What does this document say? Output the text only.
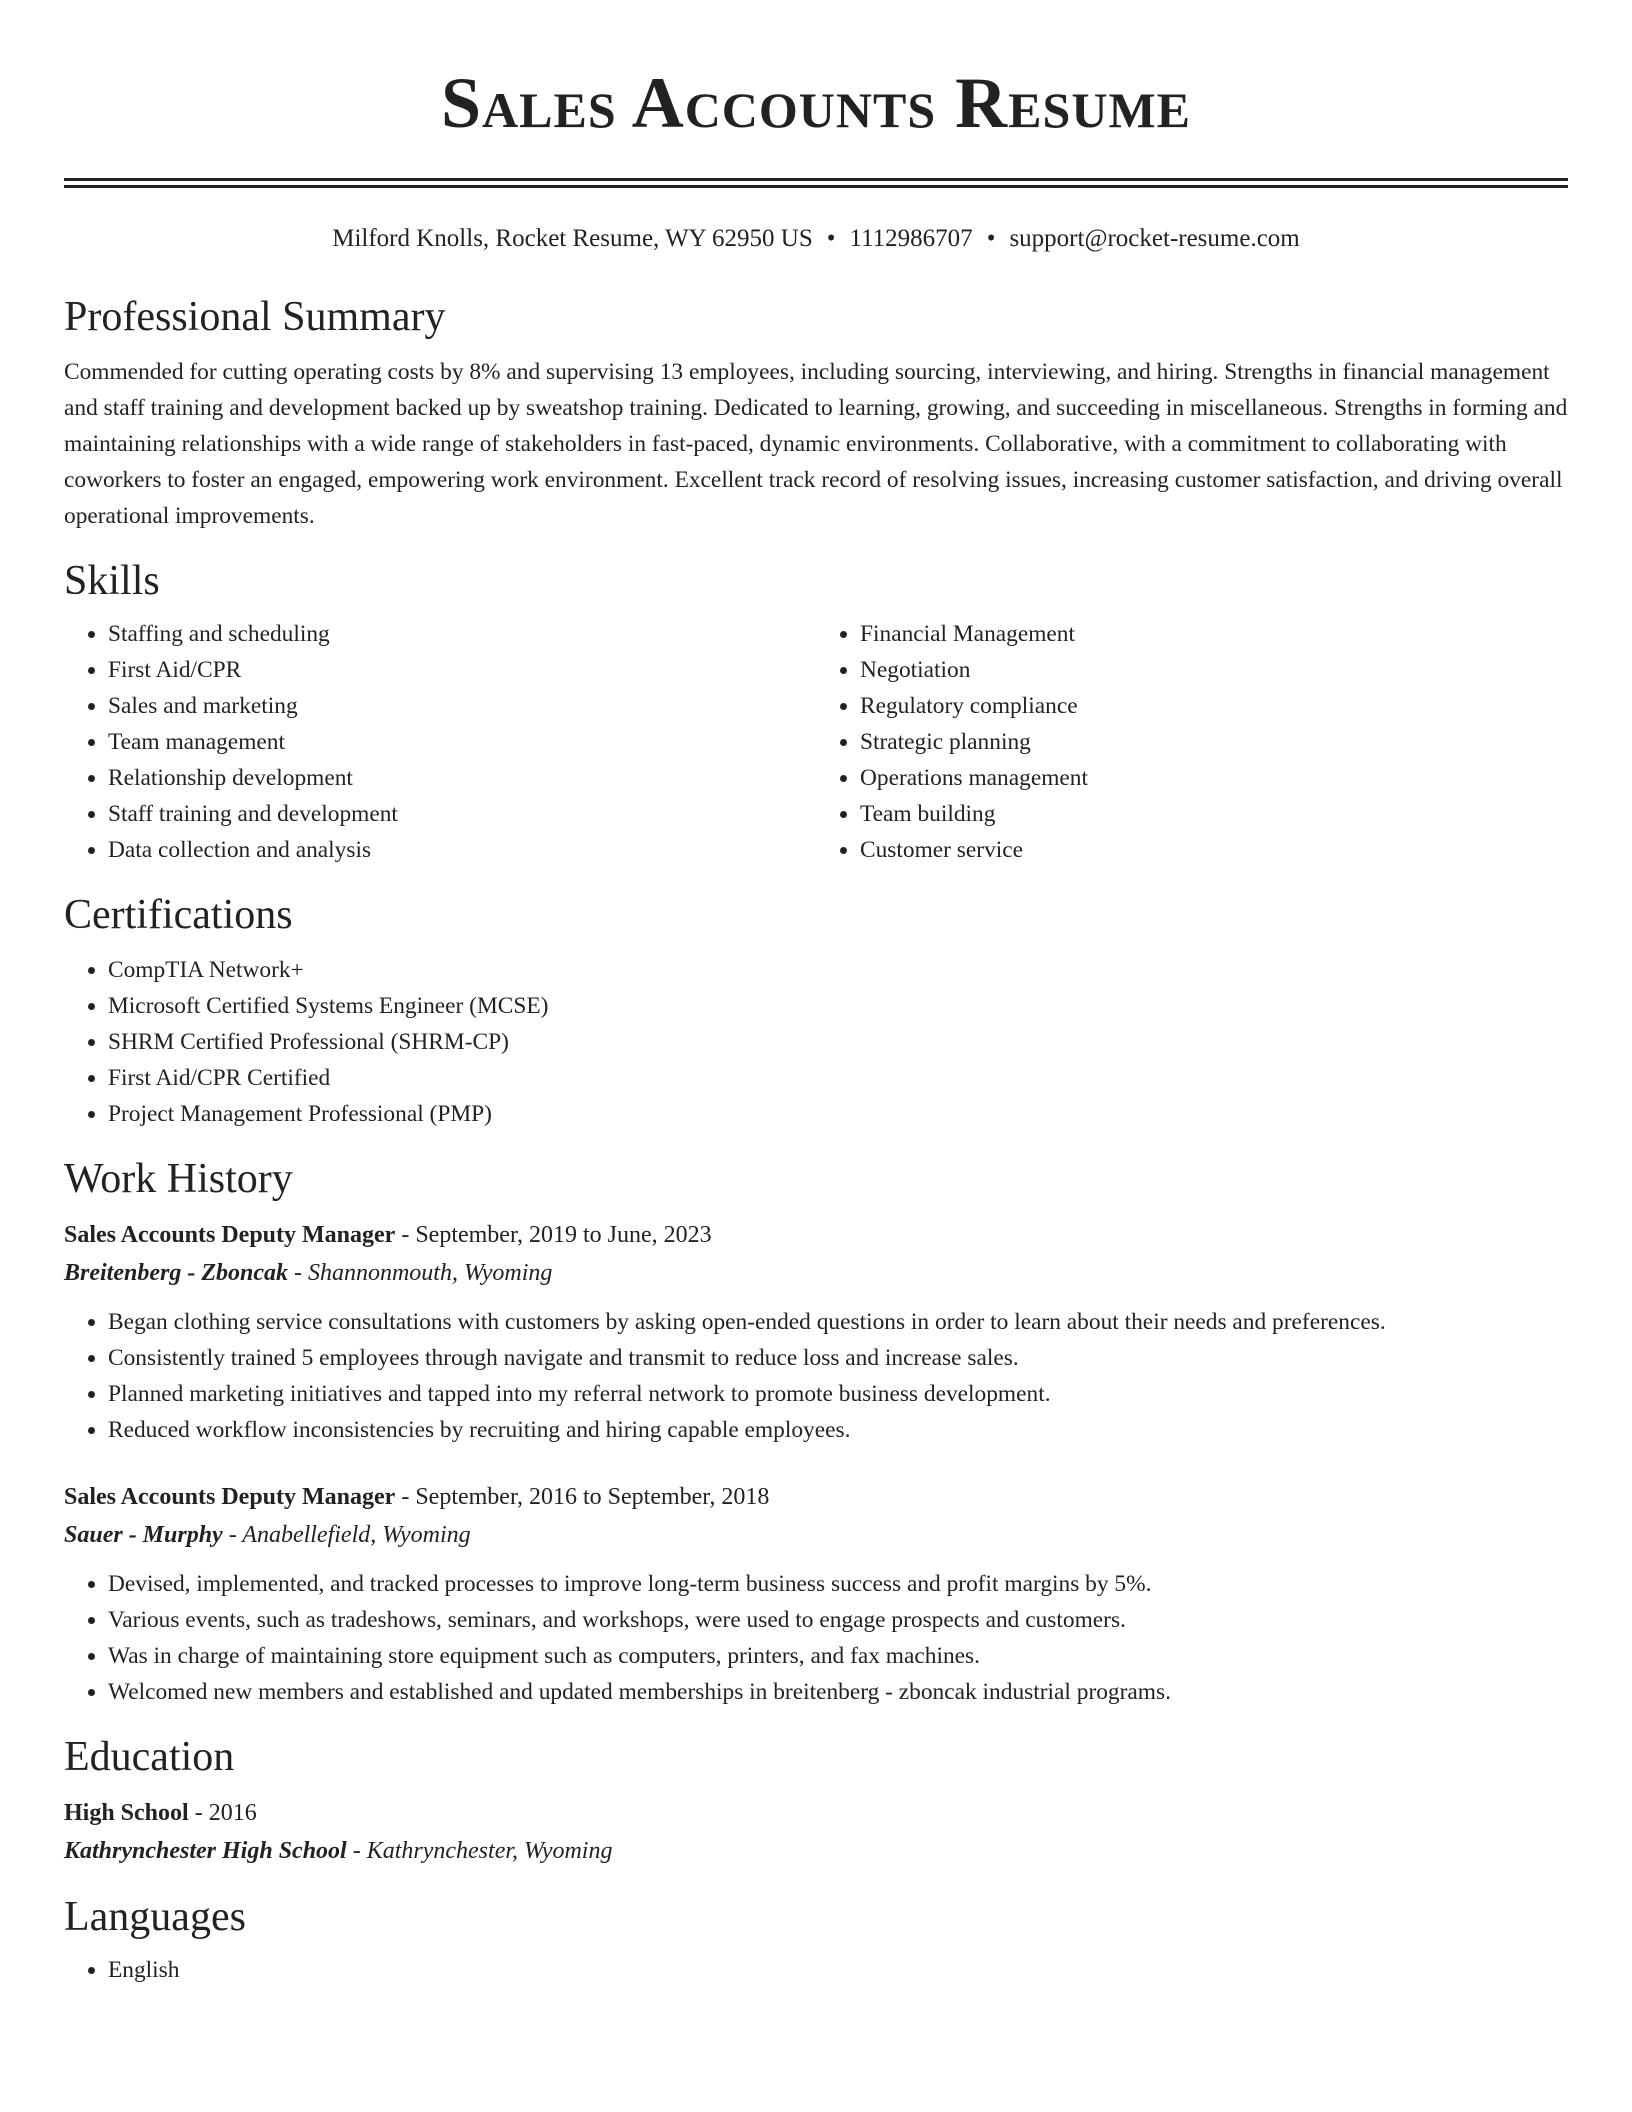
Sales Accounts Resume
Milford Knolls, Rocket Resume, WY 62950 US • 1112986707 • support@rocket-resume.com
Professional Summary

Commended for cutting operating costs by 8% and supervising 13 employees, including sourcing, interviewing, and hiring. Strengths in financial management and staff training and development backed up by sweatshop training. Dedicated to learning, growing, and succeeding in miscellaneous. Strengths in forming and maintaining relationships with a wide range of stakeholders in fast-paced, dynamic environments. Collaborative, with a commitment to collaborating with coworkers to foster an engaged, empowering work environment. Excellent track record of resolving issues, increasing customer satisfaction, and driving overall operational improvements.

Skills
• Staffing and scheduling
• First Aid/CPR
• Sales and marketing
• Team management
• Relationship development
• Staff training and development
• Data collection and analysis
• Financial Management
• Negotiation
• Regulatory compliance
• Strategic planning
• Operations management
• Team building
• Customer service
Certifications
• CompTIA Network+
• Microsoft Certified Systems Engineer (MCSE)
• SHRM Certified Professional (SHRM-CP)
• First Aid/CPR Certified
• Project Management Professional (PMP)
Work History

Sales Accounts Deputy Manager - September, 2019 to June, 2023

Breitenberg - Zboncak - Shannonmouth, Wyoming

• Began clothing service consultations with customers by asking open-ended questions in order to learn about their needs and preferences.
• Consistently trained 5 employees through navigate and transmit to reduce loss and increase sales.
• Planned marketing initiatives and tapped into my referral network to promote business development.
• Reduced workflow inconsistencies by recruiting and hiring capable employees.

Sales Accounts Deputy Manager - September, 2016 to September, 2018

Sauer - Murphy - Anabellefield, Wyoming

• Devised, implemented, and tracked processes to improve long-term business success and profit margins by 5%.
• Various events, such as tradeshows, seminars, and workshops, were used to engage prospects and customers.
• Was in charge of maintaining store equipment such as computers, printers, and fax machines.
• Welcomed new members and established and updated memberships in breitenberg - zboncak industrial programs.
Education

High School - 2016

Kathrynchester High School - Kathrynchester, Wyoming

Languages
• English
